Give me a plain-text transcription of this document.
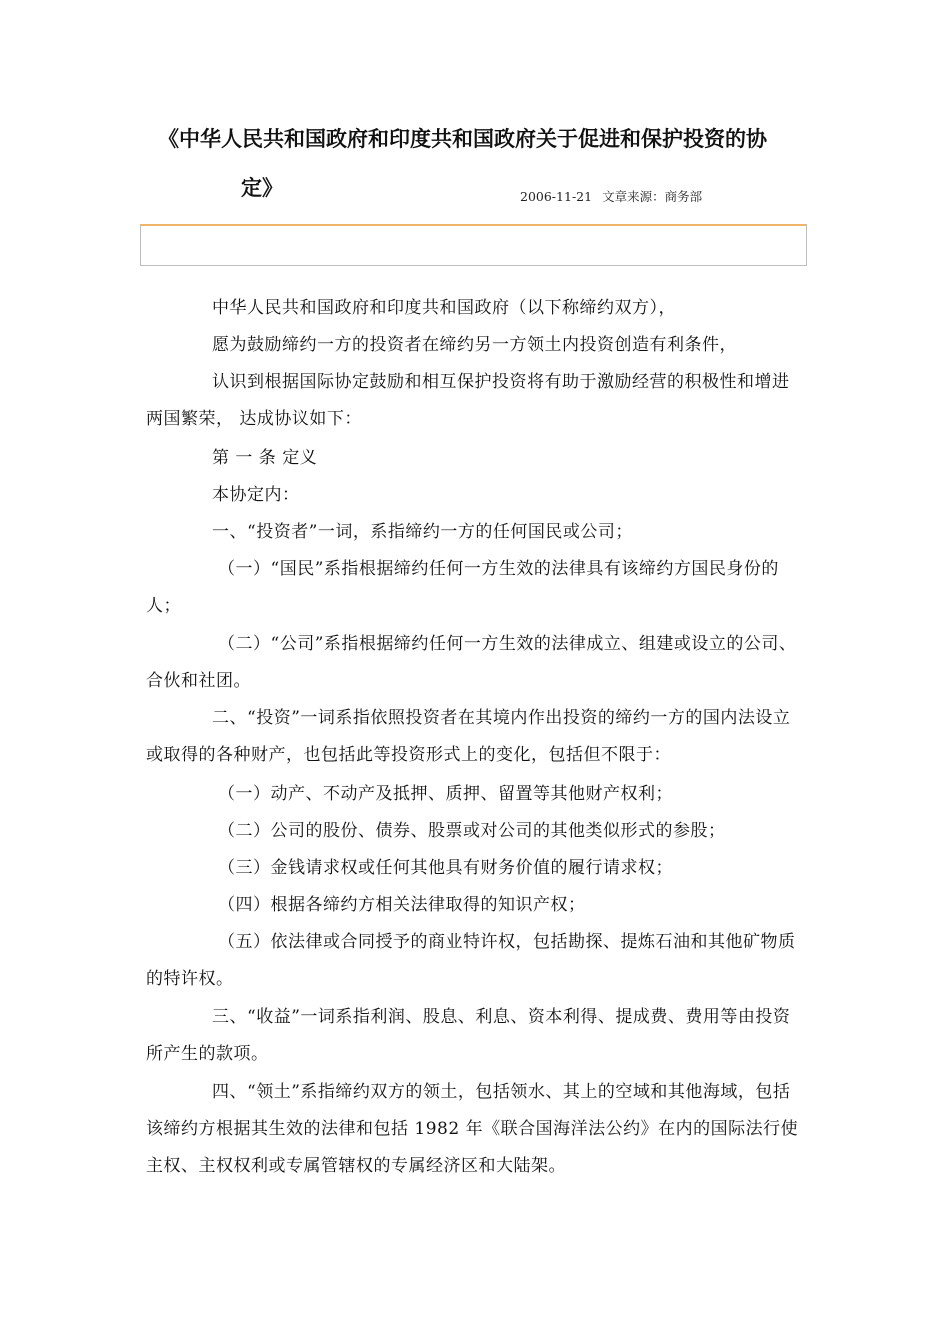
《中华人民共和国政府和印度共和国政府关于促进和保护投资的协
定》	2006-11-21 文章来源：商务部

中华人民共和国政府和印度共和国政府（以下称缔约双方），

愿为鼓励缔约一方的投资者在缔约另一方领土内投资创造有利条件，

认识到根据国际协定鼓励和相互保护投资将有助于激励经营的积极性和增进两国繁荣， 达成协议如下：

第 一 条 定义

本协定内：

一、“投资者”一词，系指缔约一方的任何国民或公司；

（一）“国民”系指根据缔约任何一方生效的法律具有该缔约方国民身份的人；

（二）“公司”系指根据缔约任何一方生效的法律成立、组建或设立的公司、合伙和社团。

二、“投资”一词系指依照投资者在其境内作出投资的缔约一方的国内法设立或取得的各种财产，也包括此等投资形式上的变化，包括但不限于：

（一）动产、不动产及抵押、质押、留置等其他财产权利；

（二）公司的股份、债券、股票或对公司的其他类似形式的参股；

（三）金钱请求权或任何其他具有财务价值的履行请求权；

（四）根据各缔约方相关法律取得的知识产权；

（五）依法律或合同授予的商业特许权，包括勘探、提炼石油和其他矿物质的特许权。

三、“收益”一词系指利润、股息、利息、资本利得、提成费、费用等由投资所产生的款项。

四、“领土”系指缔约双方的领土，包括领水、其上的空域和其他海域，包括该缔约方根据其生效的法律和包括 1982 年《联合国海洋法公约》在内的国际法行使主权、主权权利或专属管辖权的专属经济区和大陆架。
